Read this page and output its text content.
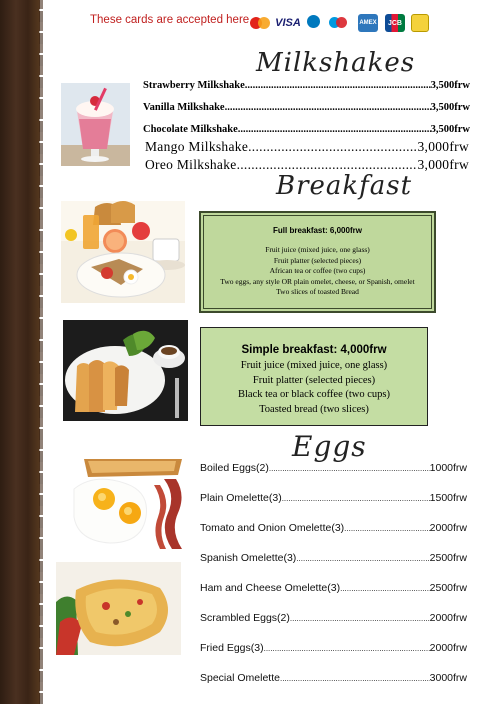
These cards are accepted here VISA	AMEX	JCB
Milkshakes
Strawberry Milkshake .....	3,500frw
Vanilla Milkshake .....	3,500frw
Chocolate Milkshake .....	3,500frw
Mango Milkshake .....	3,000frw
Oreo Milkshake .....	3,000frw
Breakfast
Full breakfast: 6,000frw
Fruit juice (mixed juice, one glass)
Fruit platter (selected pieces)
African tea or coffee (two cups)
Two eggs, any style OR plain omelet, cheese, or Spanish, omelet
Two slices of toasted Bread
Simple breakfast: 4,000frw
Fruit juice (mixed juice, one glass)
Fruit platter (selected pieces)
Black tea or black coffee (two cups)
Toasted bread (two slices)
Eggs
Boiled Eggs(2) .....	1000frw
Plain Omelette(3) .....	1500frw
Tomato and Onion Omelette(3) .....	2000frw
Spanish Omelette(3) .....	2500frw
Ham and Cheese Omelette(3) .....	2500frw
Scrambled Eggs(2) .....	2000frw
Fried Eggs(3) .....	2000frw
Special Omelette .....	3000frw
